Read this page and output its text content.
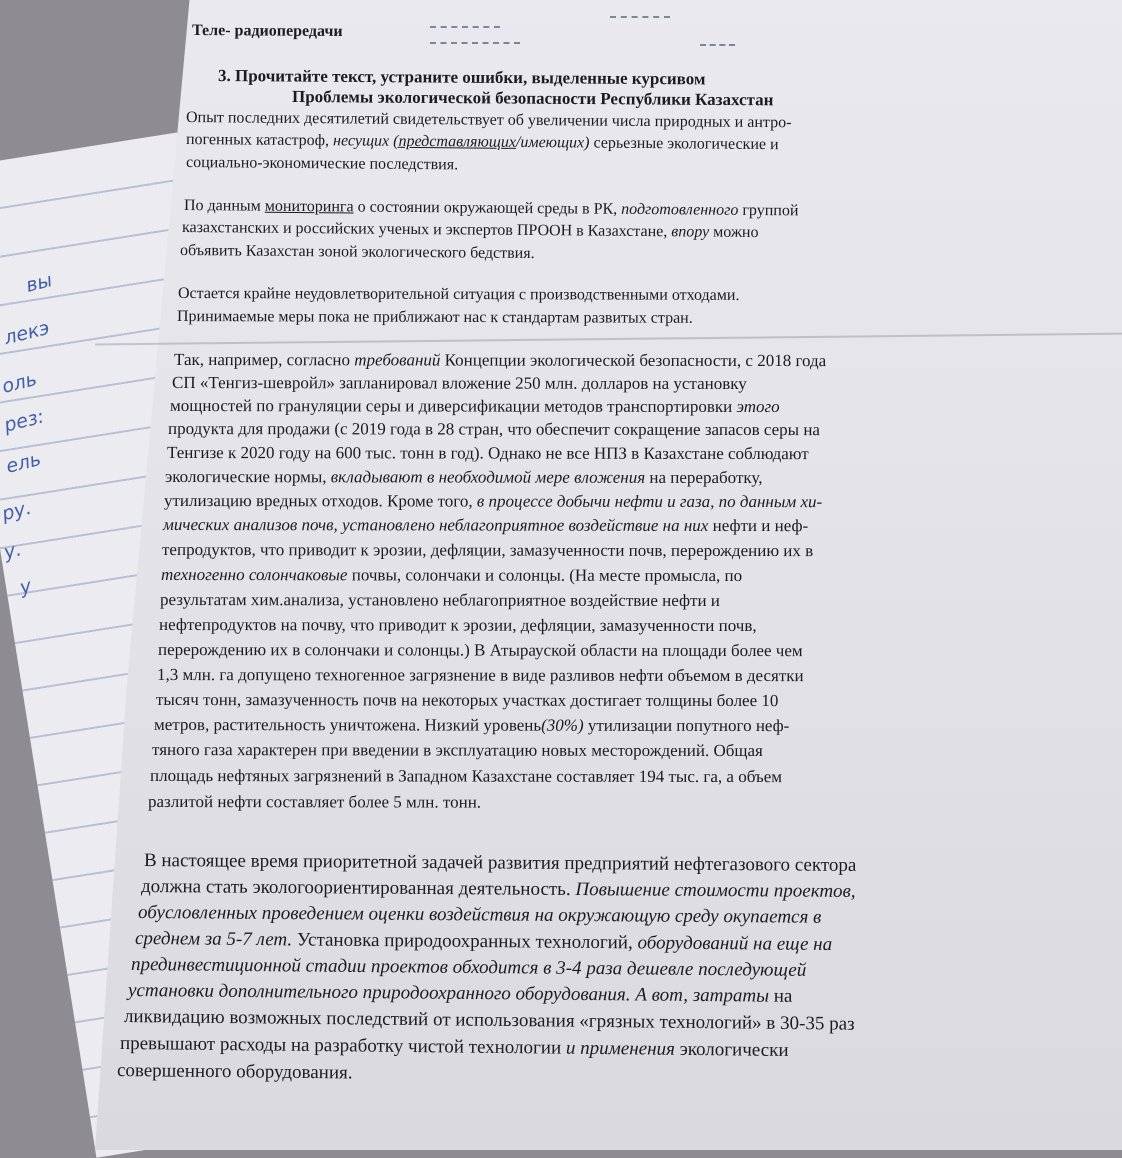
вы
лекэ
оль
рез:
ель
ру.
у.
у
Теле- радиопередачи
3. Прочитайте текст, устраните ошибки, выделенные курсивом
Проблемы экологической безопасности Республики Казахстан
Опыт последних десятилетий свидетельствует об увеличении числа природных и антро-
погенных катастроф, несущих (представляющих/имеющих) серьезные экологические и
социально-экономические последствия.
По данным мониторинга о состоянии окружающей среды в РК, подготовленного группой
казахстанских и российских ученых и экспертов ПРООН в Казахстане, впору можно
объявить Казахстан зоной экологического бедствия.
Остается крайне неудовлетворительной ситуация с производственными отходами.
Принимаемые меры пока не приближают нас к стандартам развитых стран.
Так, например, согласно требований Концепции экологической безопасности, с 2018 года
СП «Тенгиз-шевройл» запланировал вложение 250 млн. долларов на установку
мощностей по грануляции серы и диверсификации методов транспортировки этого
продукта для продажи (с 2019 года в 28 стран, что обеспечит сокращение запасов серы на
Тенгизе к 2020 году на 600 тыс. тонн в год). Однако не все НПЗ в Казахстане соблюдают
экологические нормы, вкладывают в необходимой мере вложения на переработку,
утилизацию вредных отходов. Кроме того, в процессе добычи нефти и газа, по данным хи-
мических анализов почв, установлено неблагоприятное воздействие на них нефти и неф-
тепродуктов, что приводит к эрозии, дефляции, замазученности почв, перерождению их в
техногенно солончаковые почвы, солончаки и солонцы. (На месте промысла, по
результатам хим.анализа, установлено неблагоприятное воздействие нефти и
нефтепродуктов на почву, что приводит к эрозии, дефляции, замазученности почв,
перерождению их в солончаки и солонцы.) В Атырауской области на площади более чем
1,3 млн. га допущено техногенное загрязнение в виде разливов нефти объемом в десятки
тысяч тонн, замазученность почв на некоторых участках достигает толщины более 10
метров, растительность уничтожена. Низкий уровень(30%) утилизации попутного неф-
тяного газа характерен при введении в эксплуатацию новых месторождений. Общая
площадь нефтяных загрязнений в Западном Казахстане составляет 194 тыс. га, а объем
разлитой нефти составляет более 5 млн. тонн.
В настоящее время приоритетной задачей развития предприятий нефтегазового сектора
должна стать экологоориентированная деятельность. Повышение стоимости проектов,
обусловленных проведением оценки воздействия на окружающую среду окупается в
среднем за 5-7 лет. Установка природоохранных технологий, оборудований на еще на
прединвестиционной стадии проектов обходится в 3-4 раза дешевле последующей
установки дополнительного природоохранного оборудования. А вот, затраты на
ликвидацию возможных последствий от использования «грязных технологий» в 30-35 раз
превышают расходы на разработку чистой технологии и применения экологически
совершенного оборудования.
